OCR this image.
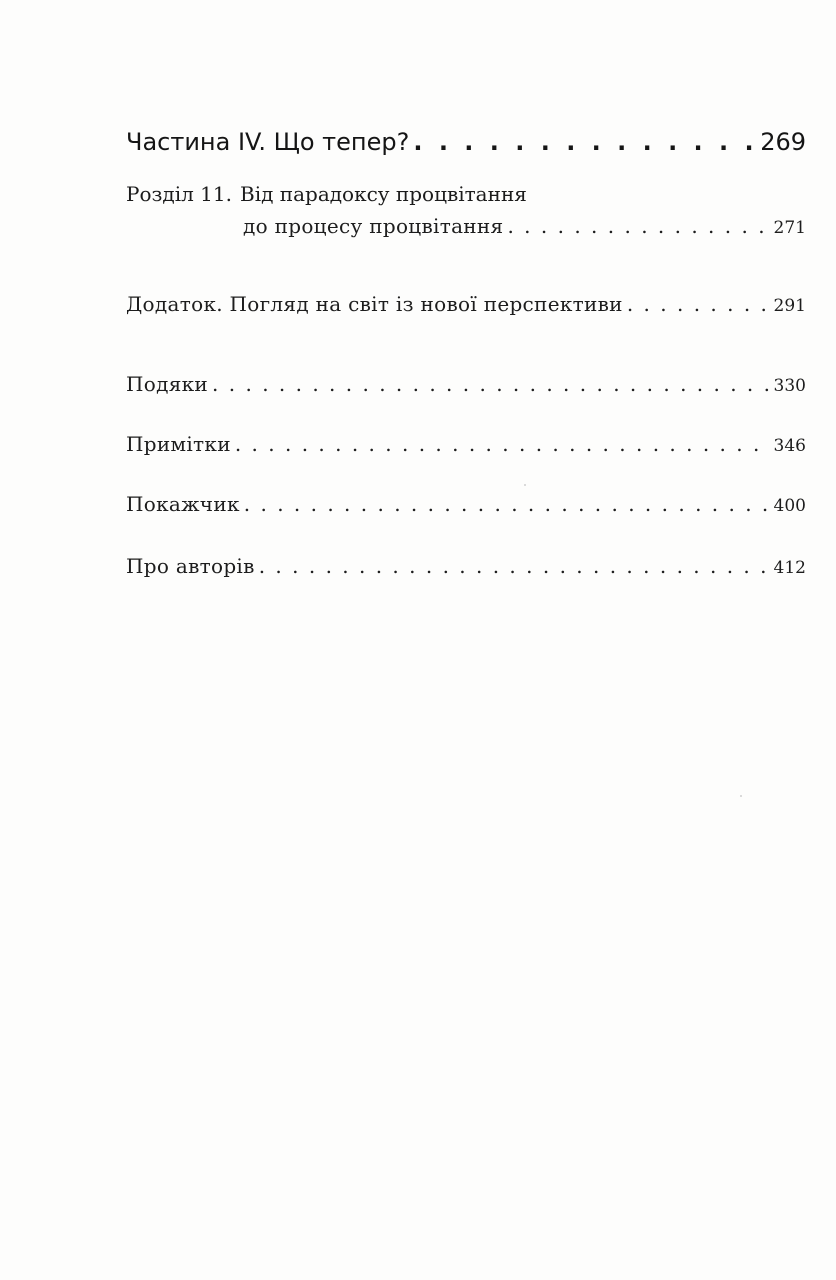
Частина IV. Що тепер? . . .	269
Розділ 11. Від парадоксу процвітання
до процесу процвітання . . .	271
Додаток. Погляд на світ із нової перспективи . . .	291
Подяки . . .	330
Примітки . . .	346
Покажчик . . .	400
Про авторів . . .	412
